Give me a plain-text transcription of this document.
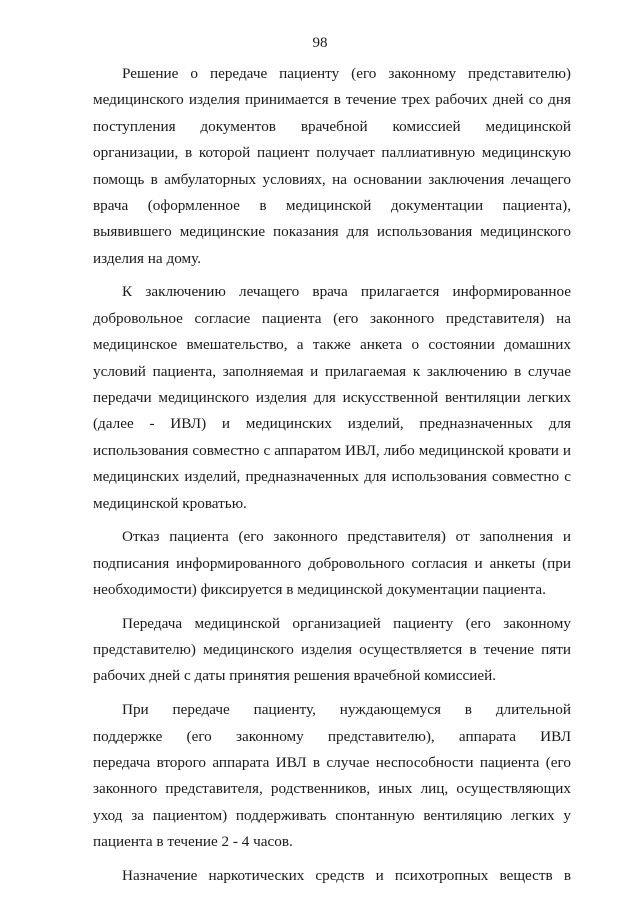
98

Решение о передаче пациенту (его законному представителю)
медицинского изделия принимается в течение трех рабочих дней со дня
поступления документов врачебной комиссией медицинской
организации, в которой пациент получает паллиативную медицинскую
помощь в амбулаторных условиях, на основании заключения лечащего
врача (оформленное в медицинской документации пациента),
выявившего медицинские показания для использования медицинского
изделия на дому.

К заключению лечащего врача прилагается информированное
добровольное согласие пациента (его законного представителя) на
медицинское вмешательство, а также анкета о состоянии домашних
условий пациента, заполняемая и прилагаемая к заключению в случае
передачи медицинского изделия для искусственной вентиляции легких
(далее - ИВЛ) и медицинских изделий, предназначенных для
использования совместно с аппаратом ИВЛ, либо медицинской кровати и
медицинских изделий, предназначенных для использования совместно с
медицинской кроватью.

Отказ пациента (его законного представителя) от заполнения и
подписания информированного добровольного согласия и анкеты (при
необходимости) фиксируется в медицинской документации пациента.

Передача медицинской организацией пациенту (его законному
представителю) медицинского изделия осуществляется в течение пяти
рабочих дней с даты принятия решения врачебной комиссией.

При передаче пациенту, нуждающемуся в длительной
поддержке (его законному представителю), аппарата ИВЛ
передача второго аппарата ИВЛ в случае неспособности пациента (его
законного представителя, родственников, иных лиц, осуществляющих
уход за пациентом) поддерживать спонтанную вентиляцию легких у
пациента в течение 2 - 4 часов.

Назначение наркотических средств и психотропных веществ в
